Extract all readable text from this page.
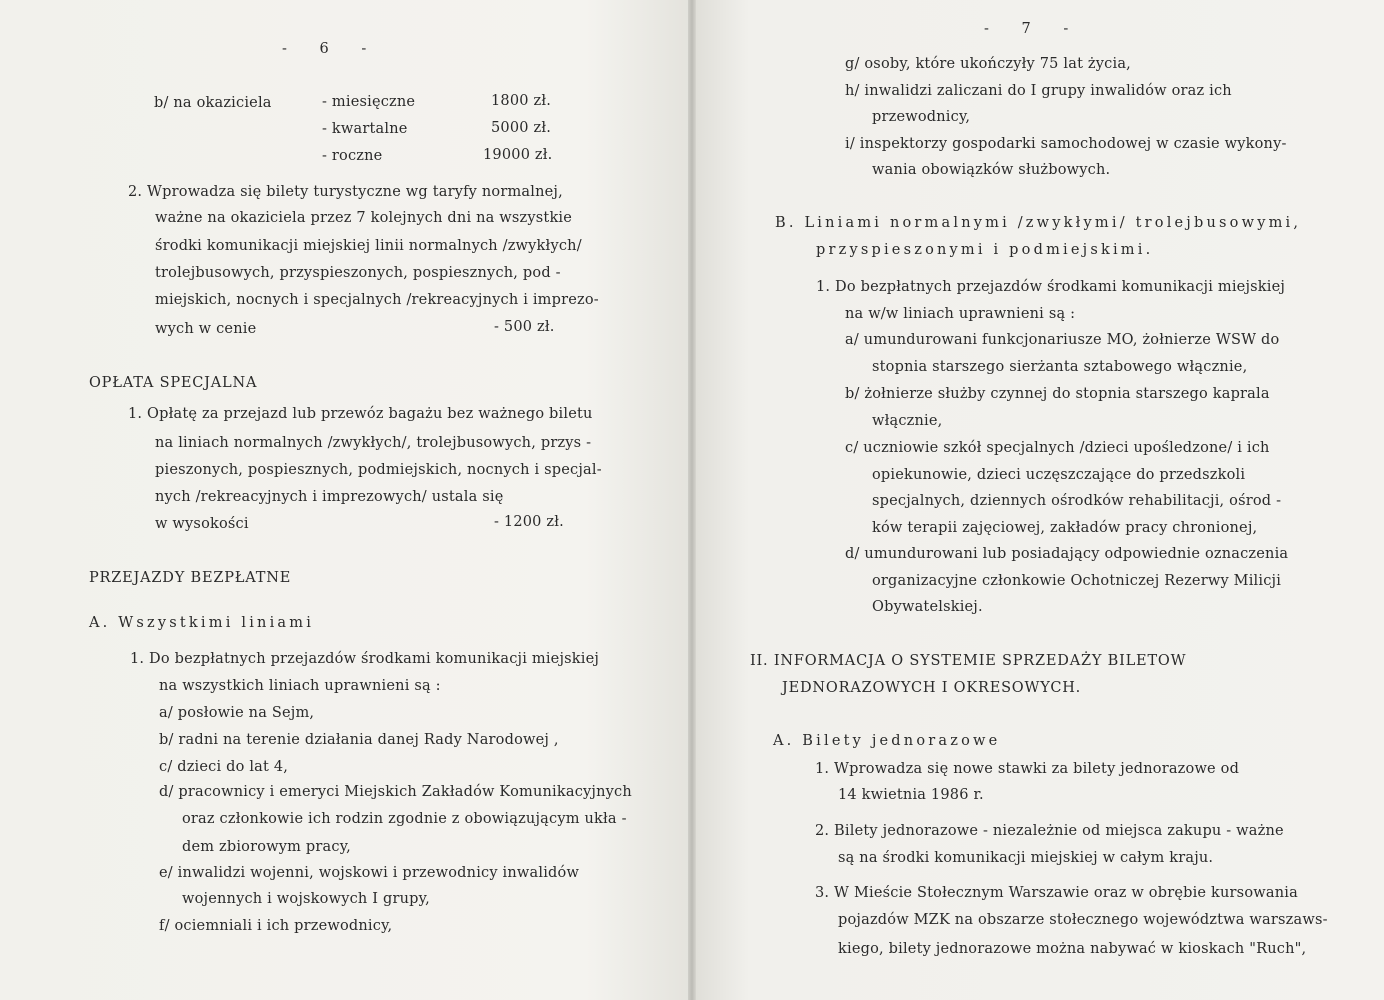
- 6 -
b/ na okaziciela	- miesięczne	1800 zł.
- kwartalne	5000 zł.
- roczne	19000 zł.
2. Wprowadza się bilety turystyczne wg taryfy normalnej,
ważne na okaziciela przez 7 kolejnych dni na wszystkie
środki komunikacji miejskiej linii normalnych /zwykłych/
trolejbusowych, przyspieszonych, pospiesznych, pod -
miejskich, nocnych i specjalnych /rekreacyjnych i imprezo-
wych w cenie	- 500 zł.
OPŁATA SPECJALNA
1. Opłatę za przejazd lub przewóz bagażu bez ważnego biletu
na liniach normalnych /zwykłych/, trolejbusowych, przys -
pieszonych, pospiesznych, podmiejskich, nocnych i specjal-
nych /rekreacyjnych i imprezowych/ ustala się
w wysokości	- 1200 zł.
PRZEJAZDY BEZPŁATNE
A. Wszystkimi liniami
1. Do bezpłatnych przejazdów środkami komunikacji miejskiej
na wszystkich liniach uprawnieni są :
a/ posłowie na Sejm,
b/ radni na terenie działania danej Rady Narodowej ,
c/ dzieci do lat 4,
d/ pracownicy i emeryci Miejskich Zakładów Komunikacyjnych
oraz członkowie ich rodzin zgodnie z obowiązującym ukła -
dem zbiorowym pracy,
e/ inwalidzi wojenni, wojskowi i przewodnicy inwalidów
wojennych i wojskowych I grupy,
f/ ociemniali i ich przewodnicy,
- 7 -
g/ osoby, które ukończyły 75 lat życia,
h/ inwalidzi zaliczani do I grupy inwalidów oraz ich
przewodnicy,
i/ inspektorzy gospodarki samochodowej w czasie wykony-
wania obowiązków służbowych.
B. Liniami normalnymi /zwykłymi/ trolejbusowymi,
przyspieszonymi i podmiejskimi.
1. Do bezpłatnych przejazdów środkami komunikacji miejskiej
na w/w liniach uprawnieni są :
a/ umundurowani funkcjonariusze MO, żołnierze WSW do
stopnia starszego sierżanta sztabowego włącznie,
b/ żołnierze służby czynnej do stopnia starszego kaprala
włącznie,
c/ uczniowie szkół specjalnych /dzieci upośledzone/ i ich
opiekunowie, dzieci uczęszczające do przedszkoli
specjalnych, dziennych ośrodków rehabilitacji, ośrod -
ków terapii zajęciowej, zakładów pracy chronionej,
d/ umundurowani lub posiadający odpowiednie oznaczenia
organizacyjne członkowie Ochotniczej Rezerwy Milicji
Obywatelskiej.
II. INFORMACJA O SYSTEMIE SPRZEDAŻY BILETOW
JEDNORAZOWYCH I OKRESOWYCH.
A. Bilety jednorazowe
1. Wprowadza się nowe stawki za bilety jednorazowe od
14 kwietnia 1986 r.
2. Bilety jednorazowe - niezależnie od miejsca zakupu - ważne
są na środki komunikacji miejskiej w całym kraju.
3. W Mieście Stołecznym Warszawie oraz w obrębie kursowania
pojazdów MZK na obszarze stołecznego województwa warszaws-
kiego, bilety jednorazowe można nabywać w kioskach "Ruch",
